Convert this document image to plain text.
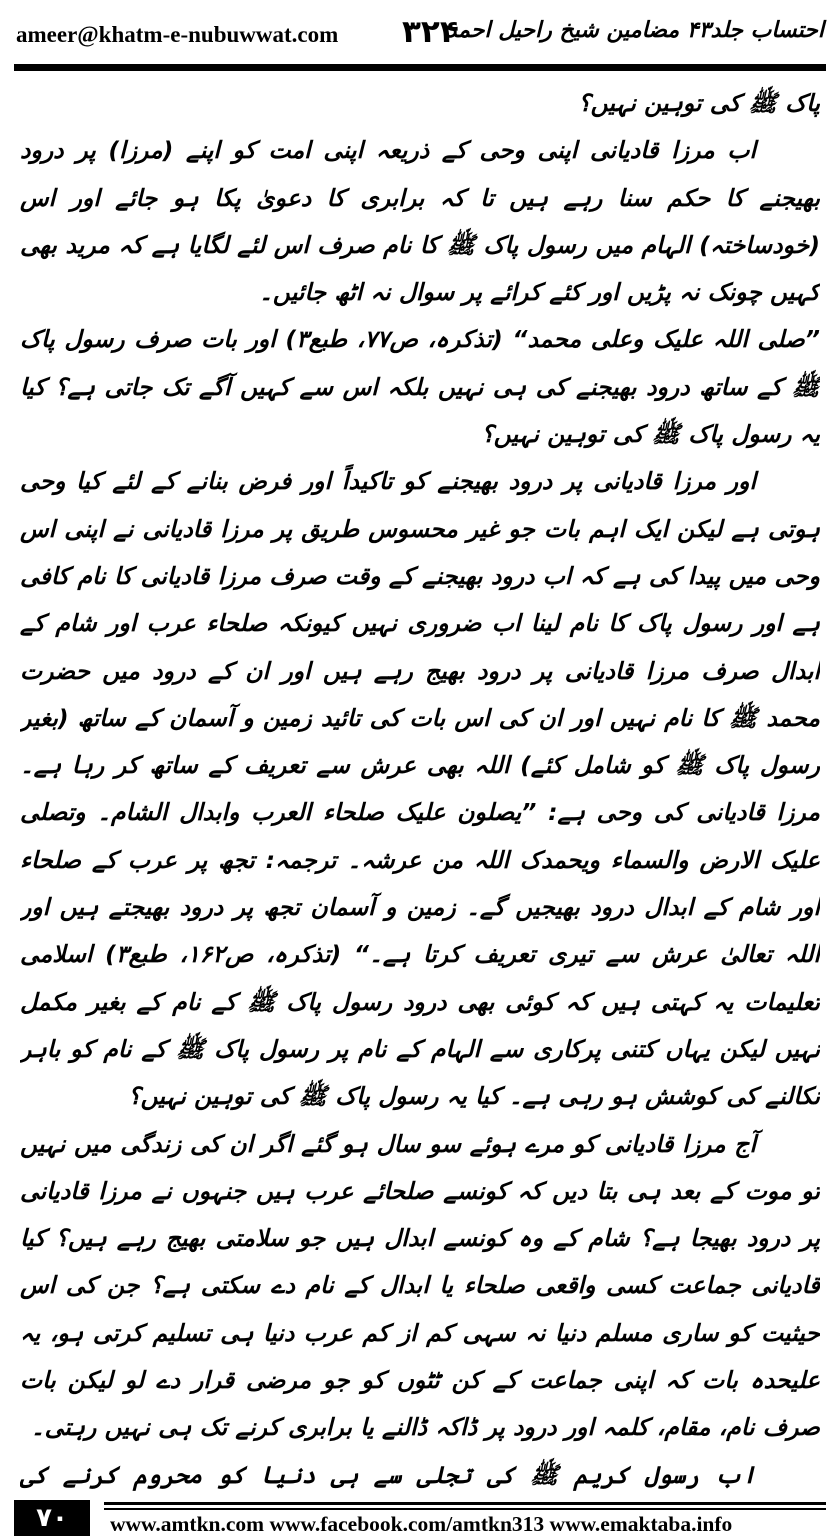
ameer@khatm-e-nubuwwat.com ۳۲۴
احتساب جلد۴۳ مضامین شیخ راحیل احمد

پاک ﷺ کی توہین نہیں؟

اب مرزا قادیانی اپنی وحی کے ذریعہ اپنی امت کو اپنے (مرزا) پر درود بھیجنے کا حکم سنا رہے ہیں تا کہ برابری کا دعویٰ پکا ہو جائے اور اس (خودساختہ) الہام میں رسول پاک ﷺ کا نام صرف اس لئے لگایا ہے کہ مرید بھی کہیں چونک نہ پڑیں اور کئے کرائے پر سوال نہ اٹھ جائیں۔

”صلی اللہ علیک وعلی محمد“ (تذکرہ، ص۷۷، طبع۳) اور بات صرف رسول پاک ﷺ کے ساتھ درود بھیجنے کی ہی نہیں بلکہ اس سے کہیں آگے تک جاتی ہے؟ کیا یہ رسول پاک ﷺ کی توہین نہیں؟

اور مرزا قادیانی پر درود بھیجنے کو تاکیداً اور فرض بنانے کے لئے کیا وحی ہوتی ہے لیکن ایک اہم بات جو غیر محسوس طریق پر مرزا قادیانی نے اپنی اس وحی میں پیدا کی ہے کہ اب درود بھیجنے کے وقت صرف مرزا قادیانی کا نام کافی ہے اور رسول پاک کا نام لینا اب ضروری نہیں کیونکہ صلحاء عرب اور شام کے ابدال صرف مرزا قادیانی پر درود بھیج رہے ہیں اور ان کے درود میں حضرت محمد ﷺ کا نام نہیں اور ان کی اس بات کی تائید زمین و آسمان کے ساتھ (بغیر رسول پاک ﷺ کو شامل کئے) اللہ بھی عرش سے تعریف کے ساتھ کر رہا ہے۔ مرزا قادیانی کی وحی ہے: ”یصلون علیک صلحاء العرب وابدال الشام۔ وتصلی علیک الارض والسماء ویحمدک اللہ من عرشہ۔ ترجمہ: تجھ پر عرب کے صلحاء اور شام کے ابدال درود بھیجیں گے۔ زمین و آسمان تجھ پر درود بھیجتے ہیں اور اللہ تعالیٰ عرش سے تیری تعریف کرتا ہے۔“ (تذکرہ، ص۱۶۲، طبع۳) اسلامی تعلیمات یہ کہتی ہیں کہ کوئی بھی درود رسول پاک ﷺ کے نام کے بغیر مکمل نہیں لیکن یہاں کتنی پرکاری سے الہام کے نام پر رسول پاک ﷺ کے نام کو باہر نکالنے کی کوشش ہو رہی ہے۔ کیا یہ رسول پاک ﷺ کی توہین نہیں؟

آج مرزا قادیانی کو مرے ہوئے سو سال ہو گئے اگر ان کی زندگی میں نہیں تو موت کے بعد ہی بتا دیں کہ کونسے صلحائے عرب ہیں جنہوں نے مرزا قادیانی پر درود بھیجا ہے؟ شام کے وہ کونسے ابدال ہیں جو سلامتی بھیج رہے ہیں؟ کیا قادیانی جماعت کسی واقعی صلحاء یا ابدال کے نام دے سکتی ہے؟ جن کی اس حیثیت کو ساری مسلم دنیا نہ سہی کم از کم عرب دنیا ہی تسلیم کرتی ہو، یہ علیحدہ بات کہ اپنی جماعت کے کن ٹٹوں کو جو مرضی قرار دے لو لیکن بات صرف نام، مقام، کلمہ اور درود پر ڈاکہ ڈالنے یا برابری کرنے تک ہی نہیں رہتی۔

اب رسول کریم ﷺ کی تجلی سے ہی دنیا کو محروم کرنے کی

۷۰	www.amtkn.com www.facebook.com/amtkn313 www.emaktaba.info
